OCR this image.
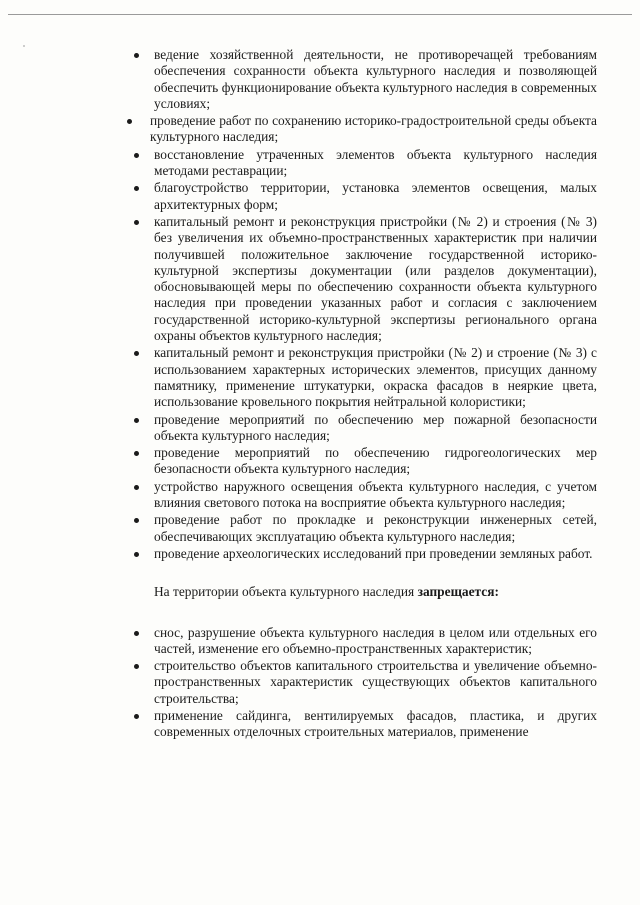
ведение хозяйственной деятельности, не противоречащей требованиям обеспечения сохранности объекта культурного наследия и позволяющей обеспечить функционирование объекта культурного наследия в современных условиях;
проведение работ по сохранению историко-градостроительной среды объекта культурного наследия;
восстановление утраченных элементов объекта культурного наследия методами реставрации;
благоустройство территории, установка элементов освещения, малых архитектурных форм;
капитальный ремонт и реконструкция пристройки (№ 2) и строения (№ 3) без увеличения их объемно-пространственных характеристик при наличии получившей положительное заключение государственной историко-культурной экспертизы документации (или разделов документации), обосновывающей меры по обеспечению сохранности объекта культурного наследия при проведении указанных работ и согласия с заключением государственной историко-культурной экспертизы регионального органа охраны объектов культурного наследия;
капитальный ремонт и реконструкция пристройки (№ 2) и строение (№ 3) с использованием характерных исторических элементов, присущих данному памятнику, применение штукатурки, окраска фасадов в неяркие цвета, использование кровельного покрытия нейтральной колористики;
проведение мероприятий по обеспечению мер пожарной безопасности объекта культурного наследия;
проведение мероприятий по обеспечению гидрогеологических мер безопасности объекта культурного наследия;
устройство наружного освещения объекта культурного наследия, с учетом влияния светового потока на восприятие объекта культурного наследия;
проведение работ по прокладке и реконструкции инженерных сетей, обеспечивающих эксплуатацию объекта культурного наследия;
проведение археологических исследований при проведении земляных работ.

На территории объекта культурного наследия запрещается:

снос, разрушение объекта культурного наследия в целом или отдельных его частей, изменение его объемно-пространственных характеристик;
строительство объектов капитального строительства и увеличение объемно-пространственных характеристик существующих объектов капитального строительства;
применение сайдинга, вентилируемых фасадов, пластика, и других современных отделочных строительных материалов, применение
